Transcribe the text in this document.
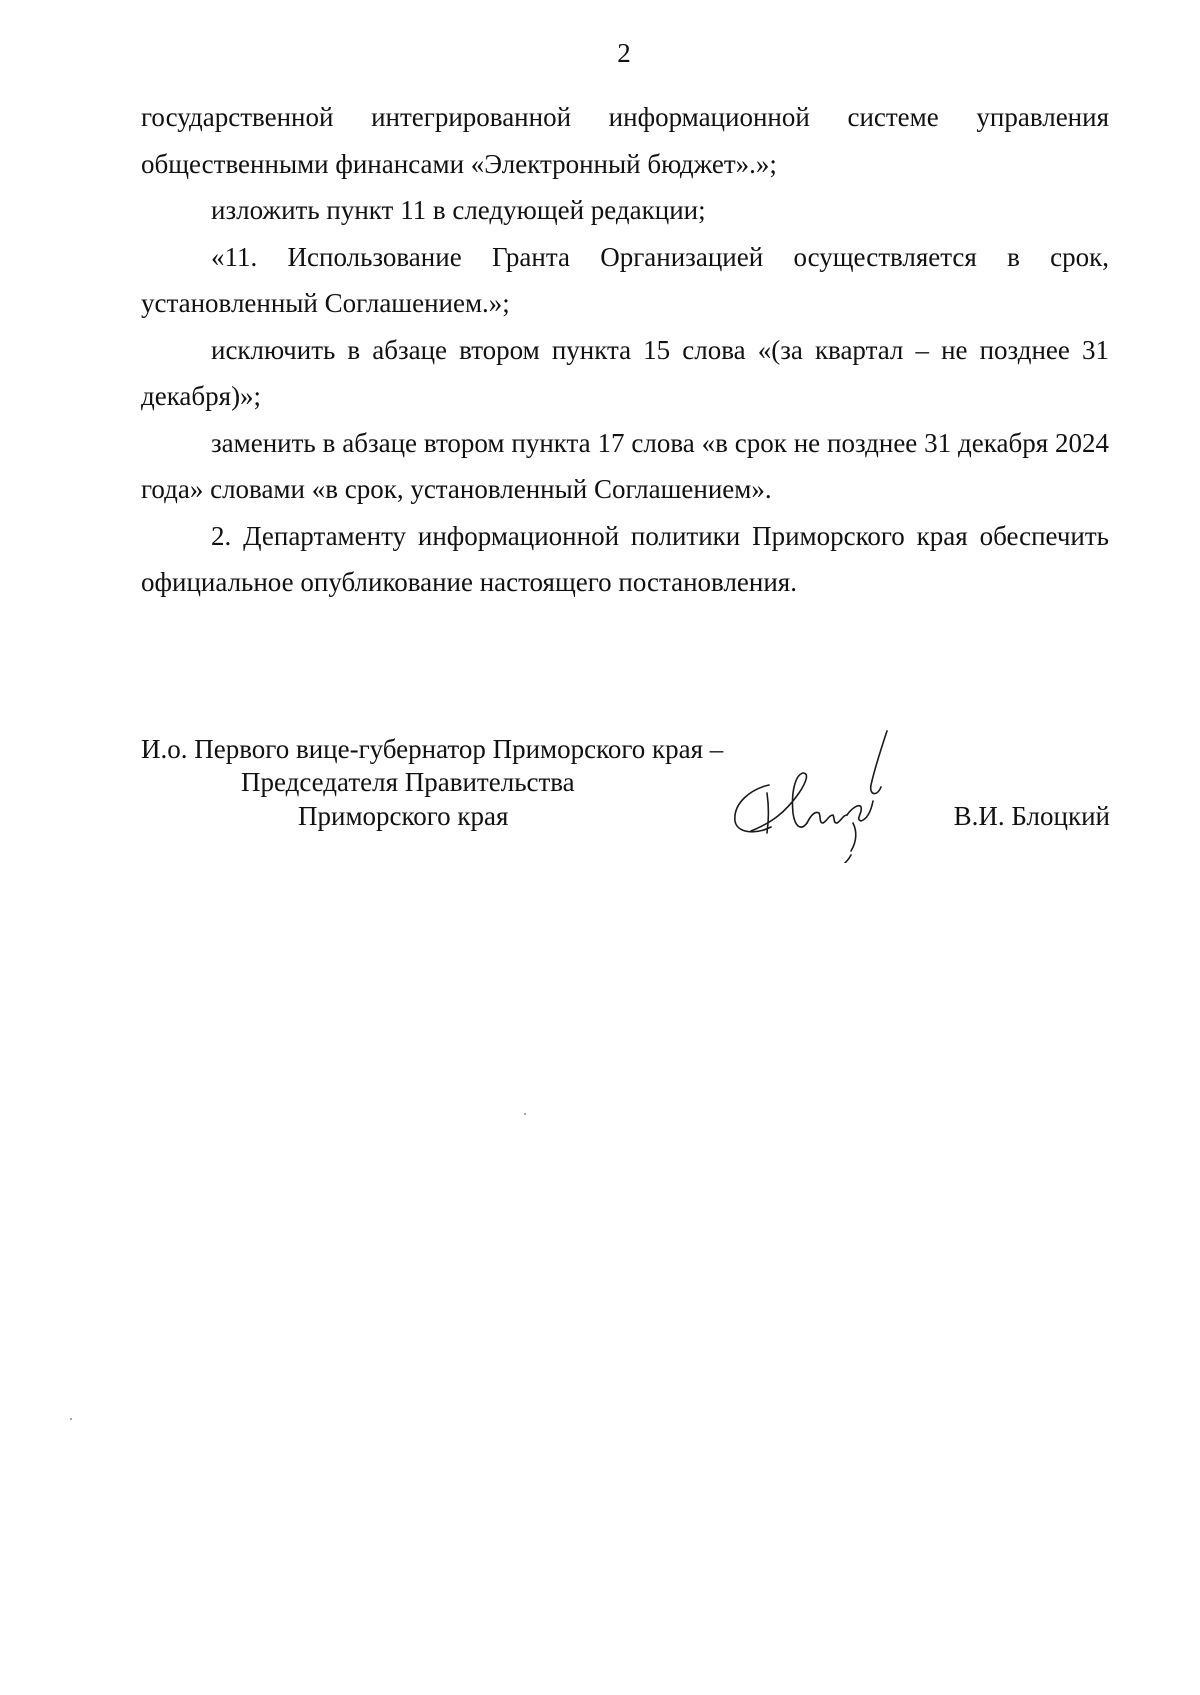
2

государственной интегрированной информационной системе управления общественными финансами «Электронный бюджет».»;

изложить пункт 11 в следующей редакции;

«11. Использование Гранта Организацией осуществляется в срок, установленный Соглашением.»;

исключить в абзаце втором пункта 15 слова «(за квартал – не позднее 31 декабря)»;

заменить в абзаце втором пункта 17 слова «в срок не позднее 31 декабря 2024 года» словами «в срок, установленный Соглашением».

2. Департаменту информационной политики Приморского края обеспечить официальное опубликование настоящего постановления.

И.о. Первого вице-губернатор Приморского края –
Председателя Правительства
Приморского края	В.И. Блоцкий
